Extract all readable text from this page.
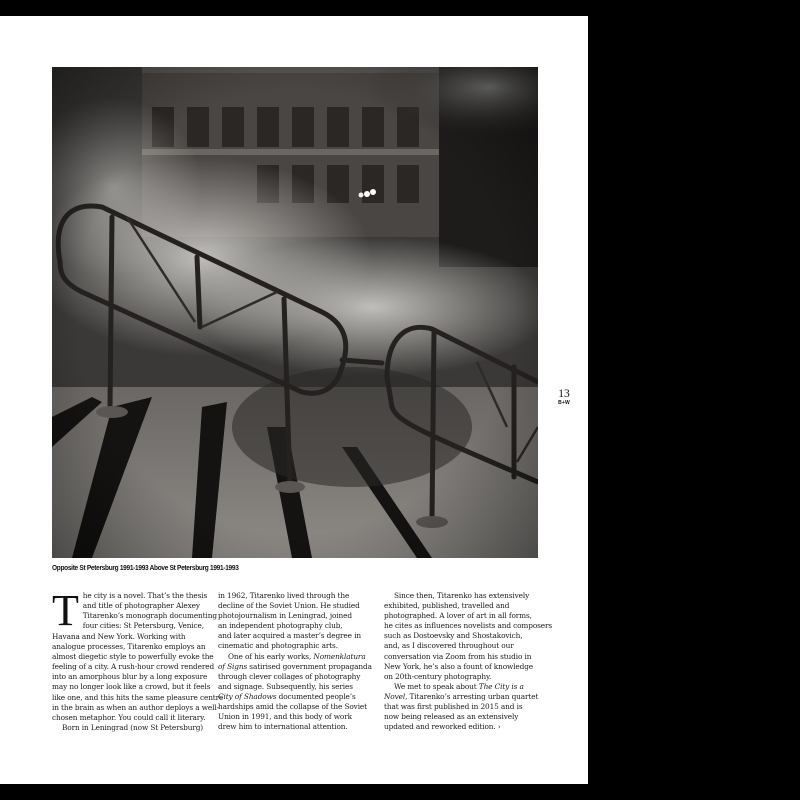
Opposite St Petersburg 1991-1993 Above St Petersburg 1991-1993
13
B+W
T he city is a novel. That’s the thesis
and title of photographer Alexey
Titarenko’s monograph documenting
four cities: St Petersburg, Venice,
Havana and New York. Working with
analogue processes, Titarenko employs an
almost diegetic style to powerfully evoke the
feeling of a city. A rush-hour crowd rendered
into an amorphous blur by a long exposure
may no longer look like a crowd, but it feels
like one, and this hits the same pleasure centre
in the brain as when an author deploys a well-
chosen metaphor. You could call it literary.
Born in Leningrad (now St Petersburg)
in 1962, Titarenko lived through the
decline of the Soviet Union. He studied
photojournalism in Leningrad, joined
an independent photography club,
and later acquired a master’s degree in
cinematic and photographic arts.
One of his early works, Nomenklatura
of Signs satirised government propaganda
through clever collages of photography
and signage. Subsequently, his series
City of Shadows documented people’s
hardships amid the collapse of the Soviet
Union in 1991, and this body of work
drew him to international attention.
Since then, Titarenko has extensively
exhibited, published, travelled and
photographed. A lover of art in all forms,
he cites as influences novelists and composers
such as Dostoevsky and Shostakovich,
and, as I discovered throughout our
conversation via Zoom from his studio in
New York, he’s also a fount of knowledge
on 20th-century photography.
We met to speak about The City is a
Novel, Titarenko’s arresting urban quartet
that was first published in 2015 and is
now being released as an extensively
updated and reworked edition. ›
